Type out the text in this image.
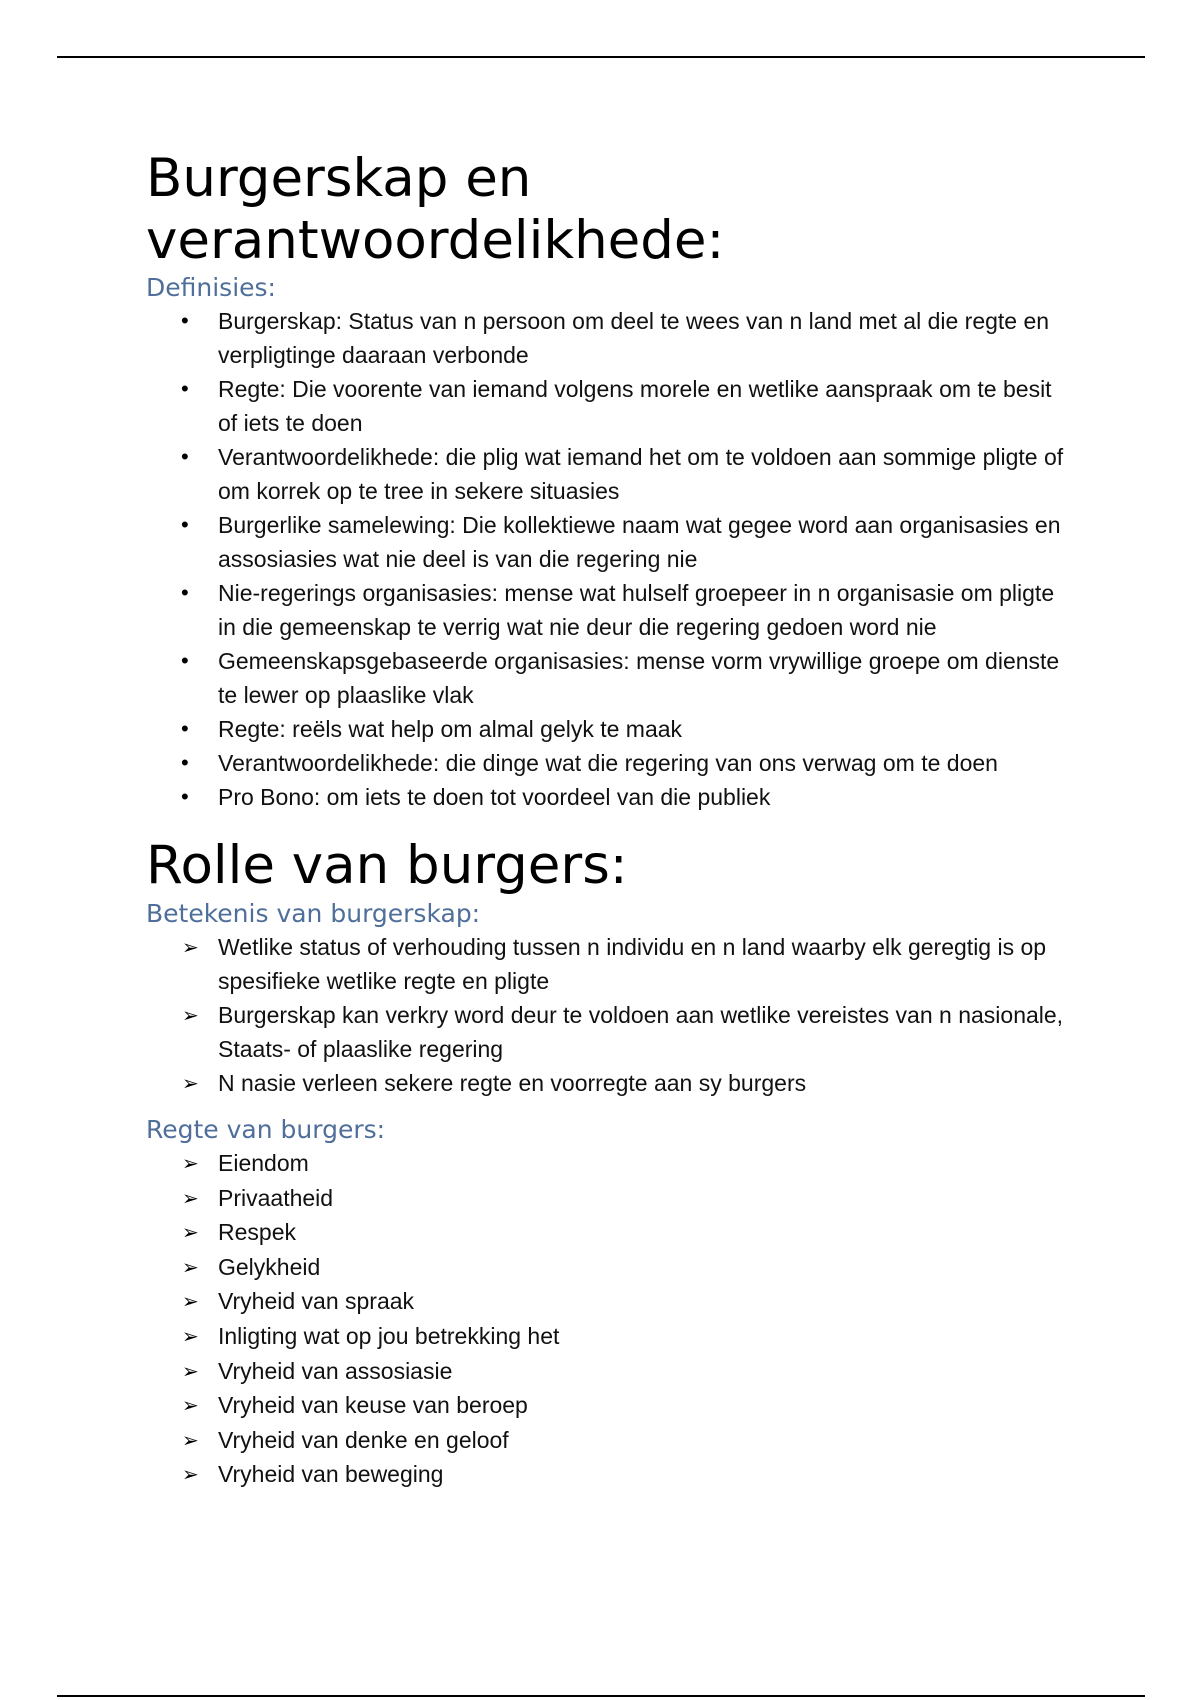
Burgerskap en verantwoordelikhede:
Definisies:
• Burgerskap: Status van n persoon om deel te wees van n land met al die regte en verpligtinge daaraan verbonde
• Regte: Die voorente van iemand volgens morele en wetlike aanspraak om te besit of iets te doen
• Verantwoordelikhede: die plig wat iemand het om te voldoen aan sommige pligte of om korrek op te tree in sekere situasies
• Burgerlike samelewing: Die kollektiewe naam wat gegee word aan organisasies en assosiasies wat nie deel is van die regering nie
• Nie-regerings organisasies: mense wat hulself groepeer in n organisasie om pligte in die gemeenskap te verrig wat nie deur die regering gedoen word nie
• Gemeenskapsgebaseerde organisasies: mense vorm vrywillige groepe om dienste te lewer op plaaslike vlak
• Regte: reëls wat help om almal gelyk te maak
• Verantwoordelikhede: die dinge wat die regering van ons verwag om te doen
• Pro Bono: om iets te doen tot voordeel van die publiek
Rolle van burgers:
Betekenis van burgerskap:
➢ Wetlike status of verhouding tussen n individu en n land waarby elk geregtig is op spesifieke wetlike regte en pligte
➢ Burgerskap kan verkry word deur te voldoen aan wetlike vereistes van n nasionale, Staats- of plaaslike regering
➢ N nasie verleen sekere regte en voorregte aan sy burgers
Regte van burgers:
➢ Eiendom
➢ Privaatheid
➢ Respek
➢ Gelykheid
➢ Vryheid van spraak
➢ Inligting wat op jou betrekking het
➢ Vryheid van assosiasie
➢ Vryheid van keuse van beroep
➢ Vryheid van denke en geloof
➢ Vryheid van beweging
